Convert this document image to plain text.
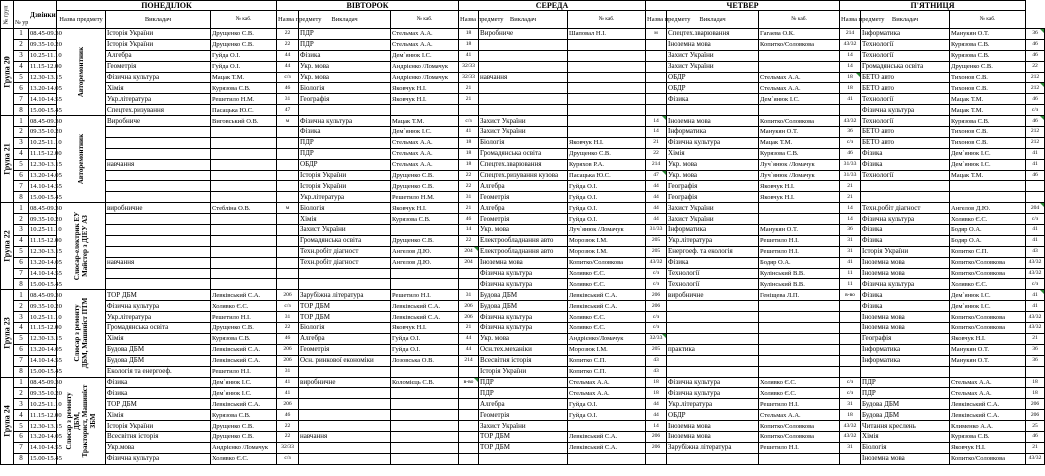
№ груп	№ ур
Дзвінки		ПОНЕДІЛОК			ВІВТОРОК			СЕРЕДА			ЧЕТВЕР			П'ЯТНИЦЯ			
			Назва предмету	Викладач	№ каб.	Назва предмету	Викладач	№ каб.	Назва предмету	Викладач	№ каб.	Назва предмету	Викладач	№ каб.	Назва предмету	Викладач	№ каб.	

Група 20	1	08.45-09.30	Авторемонтник	Історія України	Друщенко С.В.	22	ПДР	Стельмах А.А.	18	Виробниче	Шаповал Н.І.	м	Спецтех.зварювання	Гагаева О.К.	214	Інформатика	Манукян О.Т.	36

	2	09.35-10.20		Історія України	Друщенко С.В.	22	ПДР	Стельмах А.А.	18				Іноземна мова	Копитко/Соловкова	43/32	Технології	Курязова С.В.	46
	3	10.25-11.10		Алгебра	Гуйда О.І.	44	Фізика	Дем`янюк І.С.	41				Захист України		14	Технології	Курязова С.В.	46
	4	11.15-12.00		Геометрія	Гуйда О.І.	44	Укр. мова	Андрієнко /Ломачук	32/33				Захист України		14	Громадянська освіта	Друщенко С.В.	22
	5	12.30-13.15		Фізична культура	Мацак Т.М.	с/з	Укр. мова	Андрієнко /Ломачук	32/33	навчання			ОБДР	Стельмах А.А.	18	БЕТО авто	Тихонов С.В.	212
	6	13.20-14.05		Хімія	Курязова С.В.	46	Біологія	Яковчук Н.І.	21				ОБДР	Стельмах А.А.	18	БЕТО авто	Тихонов С.В.	212

	7	14.10-14.55		Укр.література	Решетило Н.М.	31	Географія	Яковчук Н.І.	21				Фізика	Дем`янюк І.С.	41	Технології	Мацак Т.М.	46
	8	15.00-15.45		Спецтех.ризування	Пасацька Ю.С.	47										Фізична культура	Мацак Т.М.	с/з

Група 21	1	08.45-09.30	Авторемонтник	Виробниче	Виговський О.В.	м	Фізична культура	Мацак Т.М.	с/з	Захист України		14	Іноземна мова	Копитко/Соловкова	43/32	Технології	Курязова С.В.	46

	2	09.35-10.20					Фізика	Дем`янюк І.С.	41	Захист України		14	Інформатика	Манукян О.Т.	36	БЕТО авто	Тихонов С.В.	212
	3	10.25-11.10					ПДР	Стельмах А.А.	18	Біологія	Яковчук Н.І.	21	Фізична культура	Мацак Т.М.	с/з	БЕТО авто	Тихонов С.В.	212
	4	11.15-12.00					ПДР	Стельмах А.А.	18	Громадянська освіта	Друщенко С.В.	22	Хімія	Курязова С.В.	46	Фізика	Дем`янюк І.С.	41
	5	12.30-13.15		навчання			ОБДР	Стельмах А.А.	18	Спецтех.зварювання	Куряхов Р.А.	214	Укр. мова	Луч`янюк /Ломачук	31/33	Фізика	Дем`янюк І.С.	41
	6	13.20-14.05					Історія України	Друщенко С.В.	22	Спецтех.ризування кузова	Пасацька Ю.С.	47	Укр. мова	Луч`янюк /Ломачук	31/33	Технології	Мацак Т.М.	46
	7	14.10-14.55					Історія України	Друщенко С.В.	22	Алгебра	Гуйда О.І.	44	Географія	Яковчук Н.І.	21			
	8	15.00-15.45					Укр.література	Решетило Н.М.	31	Геометрія	Гуйда О.І.	44	Географія	Яковчук Н.І.	21			

Група 22	1	08.45-09.30	Слюсар-електрик ЕУ Майстер з ДІЕУ АЗ	виробничне	Стебліна О.В.	м	Біологія	Яковчук Н.І.	21	Алгебра	Гуйда О.І.	44	Захист України		14	Техн.робіт діагност	Ангелов Д.Ю.	204

	2	09.35-10.20					Хімія	Курязова С.В.	46	Геометрія	Гуйда О.І.	44	Захист України		14	Фізична культура	Холявко Є.С.	с/з
	3	10.25-11.10					Захист України		14	Укр. мова	Луч`янюк /Ломачук	31/33	Інформатика	Манукян О.Т.	36	Фізика	Бодяр О.А.	41
	4	11.15-12.00					Громадянська освіта	Друщенко С.В.	22	Електрообладнання авто	Морозюк І.М.	205	Укр.література	Решетило Н.І.	31	Фізика	Бодяр О.А.	41
	5	12.30-13.15					Техн.робіт діагност	Ангелов Д.Ю.	204	Електрообладнання авто	Морозюк І.М.	205	Енергоеф. та екологія	Решетило Н.І.	31	Історія України	Копитко С.П.	43
	6	13.20-14.05		навчання			Техн.робіт діагност	Ангелов Д.Ю.	204	Іноземна мова	Копитко/Соловкова	43/32	Фізика	Бодяр О.А.	41	Іноземна мова	Копитко/Соловкова	43/32
	7	14.10-14.55								Фізична культура	Холявко Є.С.	с/з	Технології	Кулінський В.В.	11	Іноземна мова	Копитко/Соловкова	43/32
	8	15.00-15.45								Фізична культура	Холявко Є.С.	с/з	Технології	Кулінський В.В.	11	Фізична культура	Холявко Є.С.	с/з

Група 23	1	08.45-09.30	Слюсар з ремонту ДБМ, Машиніст ПТМ	ТОР ДБМ	Левківський С.А.	206	Зарубіжна література	Решетило Н.І.	31	Будова ДБМ	Левківський С.А.	206	виробничне	Геніщева Л.П.	в-во	Фізика	Дем`янюк І.С.	41

	2	09.35-10.20		Фізична культура	Холявко Є.С.	с/з	ТОР ДБМ	Левківський С.А.	206	Будова ДБМ	Левківський С.А.	206				Фізика	Дем`янюк І.С.	41
	3	10.25-11.10		Укр.література	Решетило Н.І.	31	ТОР ДБМ	Левківський С.А.	206	Фізична культура	Холявко Є.С.	с/з				Іноземна мова	Копитко/Соловкова	43/32
	4	11.15-12.00		Громадянська освіта	Друщенко С.В.	22	Біологія	Яковчук Н.І.	21	Фізична культура	Холявко Є.С.	с/з				Іноземна мова	Копитко/Соловкова	43/32
	5	12.30-13.15		Хімія	Курязова С.В.	46	Алгебра	Гуйда О.І.	44	Укр. мова	Андрієнко/Ломачук	32/33				Географія	Яковчук Н.І.	21
	6	13.20-14.05		Будова ДБМ	Левківський С.А.	206	Геометрія	Гуйда О.І.	44	Осн.тех.механіки	Морозюк І.М.	205	практика			Інформатика	Манукян О.Т.	36
	7	14.10-14.55		Будова ДБМ	Левківський С.А.	206	Осн. ринкової економіки	Лозовська О.В.	214	Всесвітня історія	Копитко С.П.	43				Інформатика	Манукян О.Т.	36
	8	15.00-15.45		Екологія та енергоеф.	Решетило Н.І.	31				Історія України	Копитко С.П.	43						

Група 24	1	08.45-09.30	Слюсар з ремонту ДБМ, Тракторист, Машиніст ЗБМ	Фізика	Дем`янюк І.С.	41	виробничне	Коломієць С.В.	в-во	ПДР	Стельмах А.А.	18	Фізична культура	Холявко Є.С.	с/з	ПДР	Стельмах А.А.	18
	2	09.35-10.20		Фізика	Дем`янюк І.С.	41				ПДР	Стельмах А.А.	18	Фізична культура	Холявко Є.С.	с/з	ПДР	Стельмах А.А.	18
	3	10.25-11.10		ТОР ДБМ	Левківський С.А.	206				Алгебра	Гуйда О.І.	44	Укр.література	Решетило Н.І.	31	Будова ДБМ	Левківський С.А.	206
	4	11.15-12.00		Хімія	Курязова С.В.	46				Геометрія	Гуйда О.І.	44	ОБДР	Стельмах А.А.	18	Будова ДБМ	Левківський С.А.	206
	5	12.30-13.15		Історія України	Друщенко С.В.	22				Захист України		14	Іноземна мова	Копитко/Соловкова	43/32	Читання креслень	Клименко А.А.	25
	6	13.20-14.05		Всесвітня історія	Друщенко С.В.	22	навчання			ТОР ДБМ	Левківський С.А.	206	Іноземна мова	Копитко/Соловкова	43/32	Хімія	Курязова С.В.	46
	7	14.10-14.55		Укр.мова	Андрієнко /Ломачук	32/33				ТОР ДБМ	Левківський С.А.	206	Зарубіжна література	Решетило Н.І.	31	Біологія	Яковчук Н.І.	21
	8	15.00-15.45		Фізична культура	Холявко Є.С.	с/з										Іноземна мова	Копитко/Соловкова	43/32
